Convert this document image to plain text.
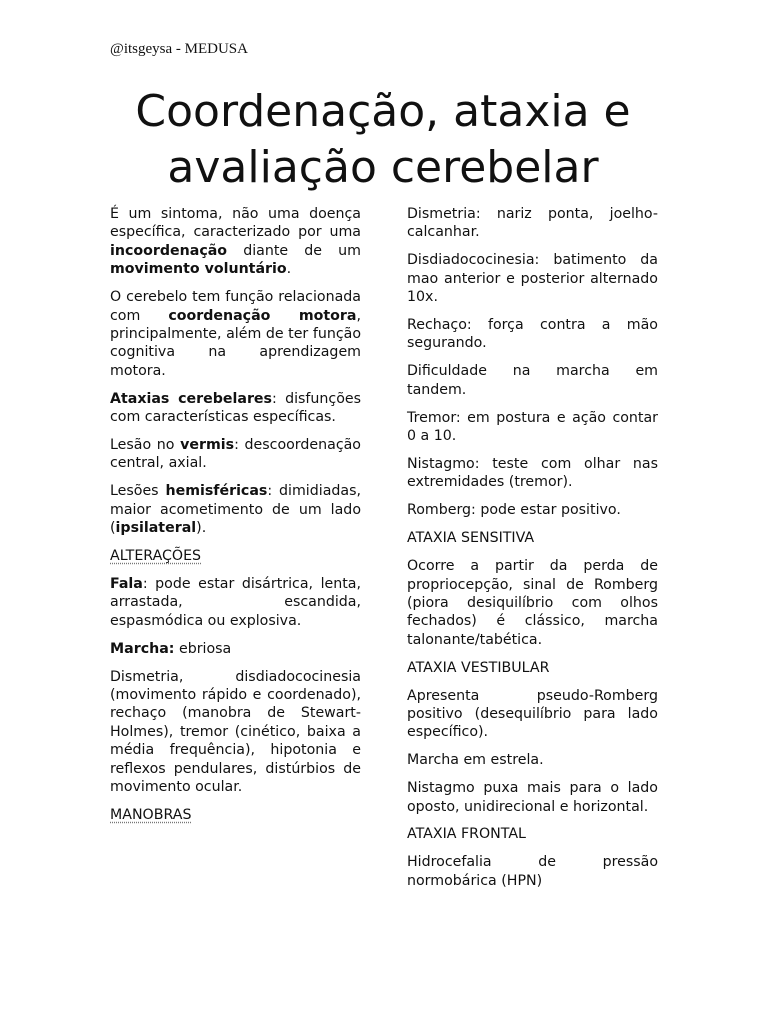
@itsgeysa - MEDUSA
Coordenação, ataxia e
avaliação cerebelar

É um sintoma, não uma doença específica, caracterizado por uma incoordenação diante de um movimento voluntário.

O cerebelo tem função relacionada com coordenação motora, principalmente, além de ter função cognitiva na aprendizagem motora.

Ataxias cerebelares: disfunções com características específicas.

Lesão no vermis: descoordenação central, axial.

Lesões hemisféricas: dimidiadas, maior acometimento de um lado (ipsilateral).

ALTERAÇÕES

Fala: pode estar disártrica, lenta, arrastada, escandida, espasmódica ou explosiva.

Marcha: ebriosa

Dismetria, disdiadococinesia (movimento rápido e coordenado), rechaço (manobra de Stewart-Holmes), tremor (cinético, baixa a média frequência), hipotonia e reflexos pendulares, distúrbios de movimento ocular.

MANOBRAS

Dismetria: nariz ponta, joelho-calcanhar.

Disdiadococinesia: batimento da mao anterior e posterior alternado 10x.

Rechaço: força contra a mão segurando.

Dificuldade na marcha em tandem.

Tremor: em postura e ação contar 0 a 10.

Nistagmo: teste com olhar nas extremidades (tremor).

Romberg: pode estar positivo.

ATAXIA SENSITIVA

Ocorre a partir da perda de propriocepção, sinal de Romberg (piora desiquilíbrio com olhos fechados) é clássico, marcha talonante/tabética.

ATAXIA VESTIBULAR

Apresenta pseudo-Romberg positivo (desequilíbrio para lado específico).

Marcha em estrela.

Nistagmo puxa mais para o lado oposto, unidirecional e horizontal.

ATAXIA FRONTAL

Hidrocefalia de pressão normobárica (HPN)
